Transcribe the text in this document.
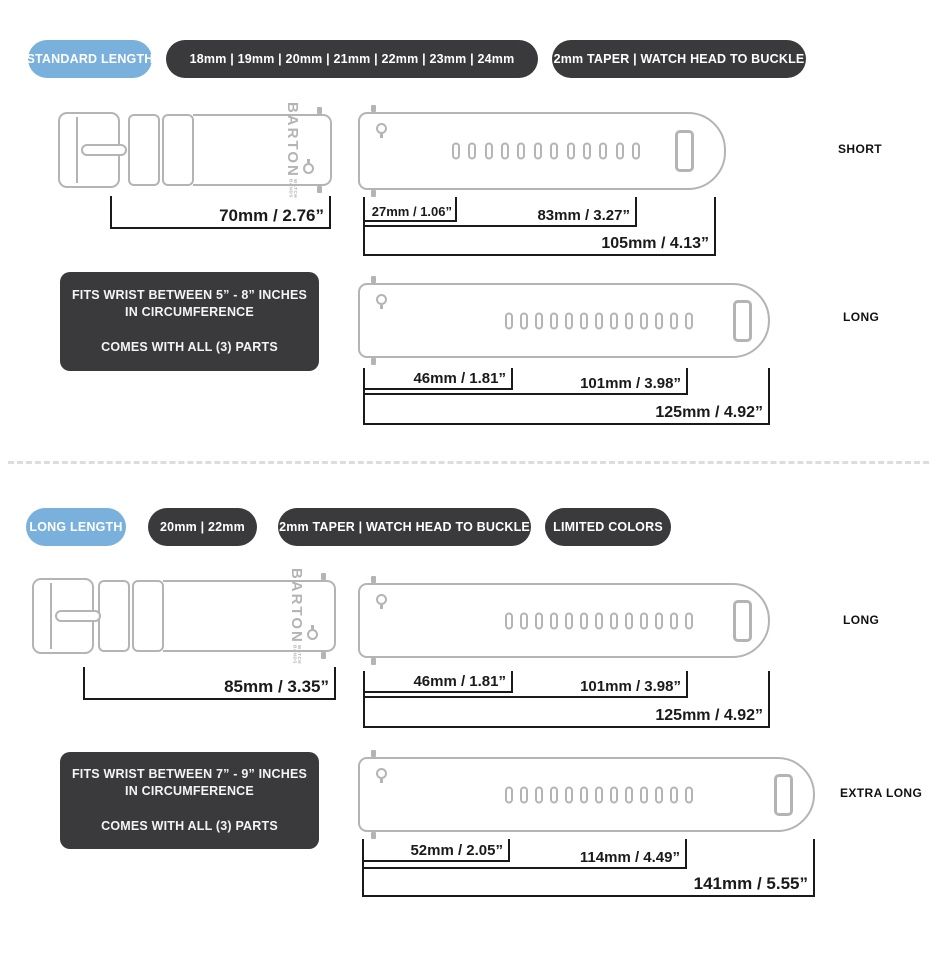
STANDARD LENGTH	18mm | 19mm | 20mm | 21mm | 22mm | 23mm | 24mm	2mm TAPER | WATCH HEAD TO BUCKLE
BARTON
WATCH BANDS
70mm / 2.76”
SHORT
105mm / 4.13”
83mm / 3.27”
27mm / 1.06”
FITS WRIST BETWEEN 5” - 8” INCHES
IN CIRCUMFERENCE
COMES WITH ALL (3) PARTS
LONG
125mm / 4.92”
101mm / 3.98”
46mm / 1.81”
LONG LENGTH	20mm | 22mm	2mm TAPER | WATCH HEAD TO BUCKLE	LIMITED COLORS
BARTON
WATCH BANDS
85mm / 3.35”
LONG
125mm / 4.92”
101mm / 3.98”
46mm / 1.81”
FITS WRIST BETWEEN 7” - 9” INCHES
IN CIRCUMFERENCE
COMES WITH ALL (3) PARTS
EXTRA LONG
141mm / 5.55”
114mm / 4.49”
52mm / 2.05”
